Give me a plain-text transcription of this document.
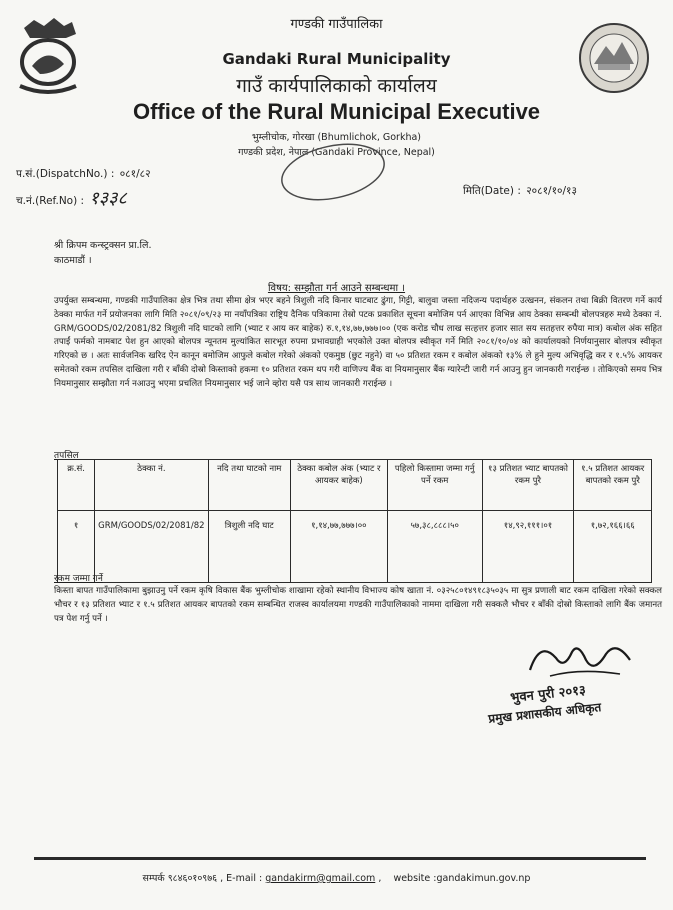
गण्डकी गाउँपालिका
Gandaki Rural Municipality
गाउँ कार्यपालिकाको कार्यालय
Office of the Rural Municipal Executive
भुम्लीचोक, गोरखा (Bhumlichok, Gorkha)
गण्डकी प्रदेश, नेपाल (Gandaki Province, Nepal)
प.सं.(DispatchNo.) : ०८१/८२
च.नं.(Ref.No) : १३३८	मिति(Date) : २०८१/१०/१३
श्री क्रिपम कन्स्ट्रक्सन प्रा.लि.
काठमाडौं ।
विषय: सम्झौता गर्न आउने सम्बन्धमा ।
उपर्युक्त सम्बन्धमा, गण्डकी गाउँपालिका क्षेत्र भित्र तथा सीमा क्षेत्र भएर बहने त्रिशुली नदि किनार घाटबाट ढुंगा, गिट्टी, बालुवा जस्ता नदिजन्य पदार्थहरु उत्खनन, संकलन तथा बिक्री वितरण गर्ने कार्य ठेक्का मार्फत गर्ने प्रयोजनका लागि मिति २०८१/०९/२३ मा नयाँपत्रिका राष्ट्रिय दैनिक पत्रिकामा तेस्रो पटक प्रकाशित सूचना बमोजिम पर्न आएका विभिन्न आय ठेक्का सम्बन्धी बोलपत्रहरु मध्ये ठेक्का नं. GRM/GOODS/02/2081/82 त्रिशुली नदि घाटको लागि (भ्याट र आय कर बाहेक) रु.१,१४,७७,७७७।०० (एक करोड चौध लाख सत्हत्तर हजार सात सय सतहत्तर रुपैया मात्र) कबोल अंक सहित तपाईं फर्मको नामबाट पेश हुन आएको बोलपत्र न्यूनतम मुल्यांकित सारभूत रुपमा प्रभावग्राही भएकोले उक्त बोलपत्र स्वीकृत गर्ने मिति २०८१/१०/०४ को कार्यालयको निर्णयानुसार बोलपत्र स्वीकृत गरिएको छ । अतः सार्वजनिक खरिद ऐन कानून बमोजिम आफुले कबोल गरेको अंकको एकमुष्ठ (छुट नहुने) वा ५० प्रतिशत रकम र कबोल अंकको १३% ले हुने मुल्य अभिवृद्धि कर र १.५% आयकर समेतको रकम तपसिल दाखिला गरी र बाँकी दोस्रो किस्ताको हकमा १० प्रतिशत रकम थप गरी वाणिज्य बैंक वा नियमानुसार बैंक ग्यारेन्टी जारी गर्न आउनु हुन जानकारी गराईन्छ । तोकिएको समय भित्र नियमानुसार सम्झौता गर्न नआउनु भएमा प्रचलित नियमानुसार भई जाने व्होरा यसै पत्र साथ जानकारी गराईन्छ ।
तपसिल
क्र.सं.	ठेक्का नं.	नदि तथा घाटको नाम	ठेक्का कबोल अंक (भ्याट र आयकर बाहेक)	पहिलो किस्तामा जम्मा गर्नु पर्ने रकम	१३ प्रतिशत भ्याट बापतको रकम पुरै	१.५ प्रतिशत आयकर बापतको रकम पुरै
१	GRM/GOODS/02/2081/82	त्रिशुली नदि घाट	१,१४,७७,७७७।००	५७,३८,८८८।५०	१४,९२,१११।०१	१,७२,१६६।६६
रकम जम्मा गर्ने
किस्ता बापत गाउँपालिकामा बुझाउनु पर्ने रकम कृषि विकास बैंक भुम्लीचोक शाखामा रहेको स्थानीय विभाज्य कोष खाता नं. ०३२५८०१४९१८३५०३५ मा सुत्र प्रणाली बाट रकम दाखिला गरेको सक्कल भौचर र १३ प्रतिशत भ्याट र १.५ प्रतिशत आयकर बापतको रकम सम्बन्धित राजस्व कार्यालयमा गण्डकी गाउँपालिकाको नाममा दाखिला गरी सक्कलै भौचर र बाँकी दोस्रो किस्ताको लागि बैंक जमानत पत्र पेश गर्नु पर्ने ।
भुवन पुरी २०१३
प्रमुख प्रशासकीय अधिकृत
सम्पर्क ९८४६०१०९७६ , E-mail : gandakirm@gmail.com ,    website :gandakimun.gov.np
